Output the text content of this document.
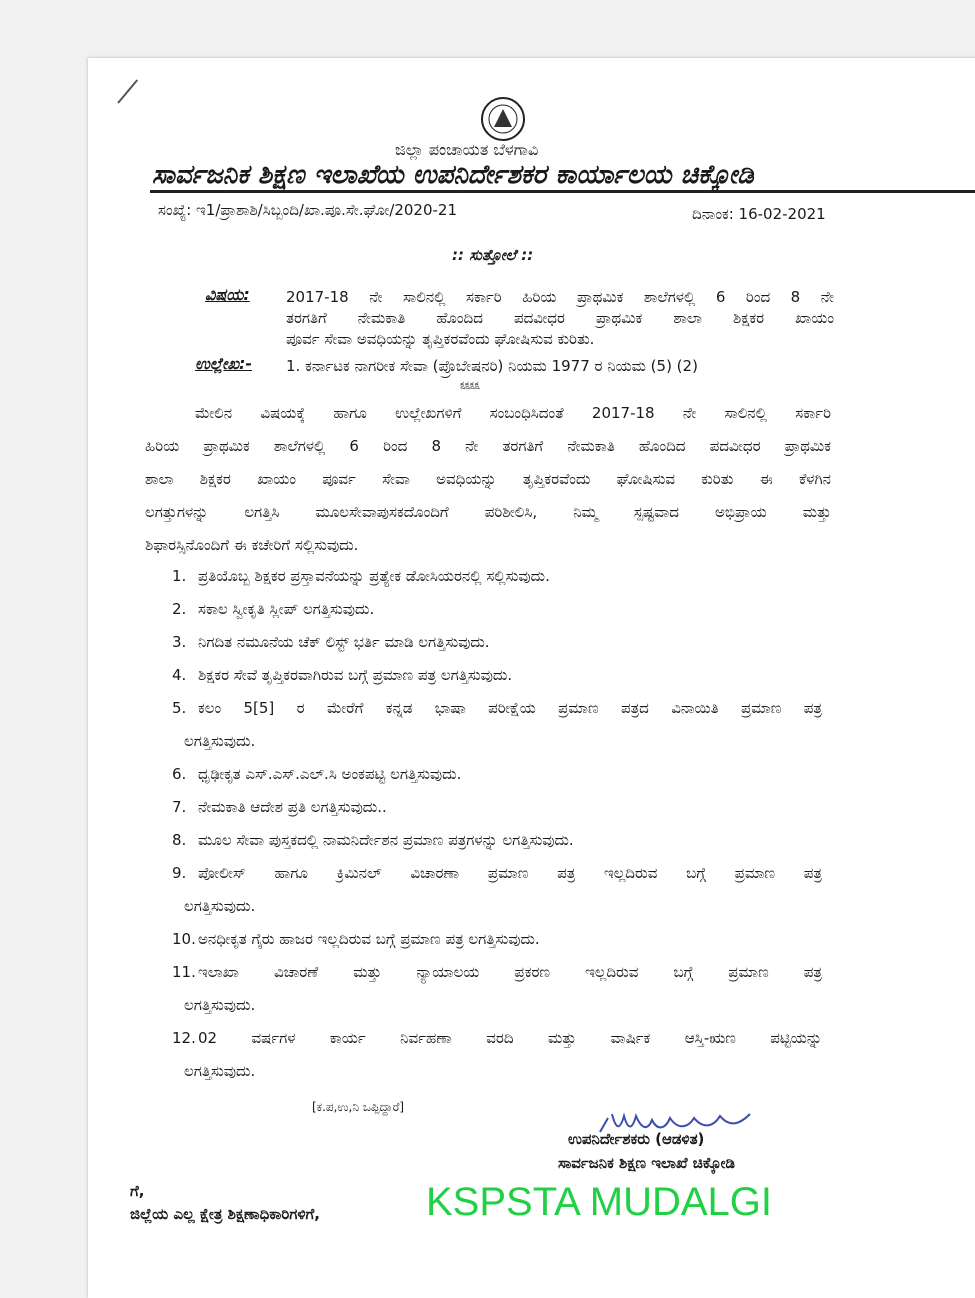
ಜಿಲ್ಲಾ ಪಂಚಾಯತ ಬೆಳಗಾವಿ
ಸಾರ್ವಜನಿಕ ಶಿಕ್ಷಣ ಇಲಾಖೆಯ ಉಪನಿರ್ದೇಶಕರ ಕಾರ್ಯಾಲಯ ಚಿಕ್ಕೋಡಿ
ಸಂಖ್ಯೆ: ಇ1/ಪ್ರಾಶಾಶಿ/ಸಿಬ್ಬಂದಿ/ಖಾ.ಪೂ.ಸೇ.ಘೋ/2020-21	ದಿನಾಂಕ: 16-02-2021
:: ಸುತ್ತೋಲೆ ::
ವಿಷಯ: 2017-18 ನೇ ಸಾಲಿನಲ್ಲಿ ಸರ್ಕಾರಿ ಹಿರಿಯ ಪ್ರಾಥಮಿಕ ಶಾಲೆಗಳಲ್ಲಿ 6 ರಿಂದ 8 ನೇ
ತರಗತಿಗೆ ನೇಮಕಾತಿ ಹೊಂದಿದ ಪದವೀಧರ ಪ್ರಾಥಮಿಕ ಶಾಲಾ ಶಿಕ್ಷಕರ ಖಾಯಂ
ಪೂರ್ವ ಸೇವಾ ಅವಧಿಯನ್ನು ತೃಪ್ತಿಕರವೆಂದು ಘೋಷಿಸುವ ಕುರಿತು.
ಉಲ್ಲೇಖ:- 1. ಕರ್ನಾಟಕ ನಾಗರೀಕ ಸೇವಾ (ಪ್ರೊಬೇಷನರಿ) ನಿಯಮ 1977 ರ ನಿಯಮ (5) (2)
ಕ್ಷಕ್ಷಕ್ಷಕ್ಷ
ಮೇಲಿನ ವಿಷಯಕ್ಕೆ ಹಾಗೂ ಉಲ್ಲೇಖಗಳಿಗೆ ಸಂಬಂಧಿಸಿದಂತೆ 2017-18 ನೇ ಸಾಲಿನಲ್ಲಿ ಸರ್ಕಾರಿ
ಹಿರಿಯ ಪ್ರಾಥಮಿಕ ಶಾಲೆಗಳಲ್ಲಿ 6 ರಿಂದ 8 ನೇ ತರಗತಿಗೆ ನೇಮಕಾತಿ ಹೊಂದಿದ ಪದವೀಧರ ಪ್ರಾಥಮಿಕ
ಶಾಲಾ ಶಿಕ್ಷಕರ ಖಾಯಂ ಪೂರ್ವ ಸೇವಾ ಅವಧಿಯನ್ನು ತೃಪ್ತಿಕರವೆಂದು ಘೋಷಿಸುವ ಕುರಿತು ಈ ಕೆಳಗಿನ
ಲಗತ್ತುಗಳನ್ನು ಲಗತ್ತಿಸಿ ಮೂಲಸೇವಾಪುಸಕದೊಂದಿಗೆ ಪರಿಶೀಲಿಸಿ, ನಿಮ್ಮ ಸ್ಪಷ್ಟವಾದ ಅಭಿಪ್ರಾಯ ಮತ್ತು
ಶಿಫಾರಸ್ಸಿನೊಂದಿಗೆ ಈ ಕಚೇರಿಗೆ ಸಲ್ಲಿಸುವುದು.
1. ಪ್ರತಿಯೊಬ್ಬ ಶಿಕ್ಷಕರ ಪ್ರಸ್ತಾವನೆಯನ್ನು ಪ್ರತ್ಯೇಕ ಡೋಸಿಯರನಲ್ಲಿ ಸಲ್ಲಿಸುವುದು.
2. ಸಕಾಲ ಸ್ವೀಕೃತಿ ಸ್ಲೀಪ್ ಲಗತ್ತಿಸುವುದು.
3. ನಿಗದಿತ ನಮೂನೆಯ ಚೆಕ್ ಲಿಸ್ಟ್ ಭರ್ತಿ ಮಾಡಿ ಲಗತ್ತಿಸುವುದು.
4. ಶಿಕ್ಷಕರ ಸೇವೆ ತೃಪ್ತಿಕರವಾಗಿರುವ ಬಗ್ಗೆ ಪ್ರಮಾಣ ಪತ್ರ ಲಗತ್ತಿಸುವುದು.
5. ಕಲಂ 5[5] ರ ಮೇರೆಗೆ ಕನ್ನಡ ಭಾಷಾ ಪರೀಕ್ಷೆಯ ಪ್ರಮಾಣ ಪತ್ರದ ವಿನಾಯಿತಿ ಪ್ರಮಾಣ ಪತ್ರ
ಲಗತ್ತಿಸುವುದು.
6. ಧೃಢೀಕೃತ ಎಸ್.ಎಸ್.ಎಲ್.ಸಿ ಅಂಕಪಟ್ಟಿ ಲಗತ್ತಿಸುವುದು.
7. ನೇಮಕಾತಿ ಆದೇಶ ಪ್ರತಿ ಲಗತ್ತಿಸುವುದು..
8. ಮೂಲ ಸೇವಾ ಪುಸ್ತಕದಲ್ಲಿ ನಾಮನಿರ್ದೇಶನ ಪ್ರಮಾಣ ಪತ್ರಗಳನ್ನು ಲಗತ್ತಿಸುವುದು.
9. ಪೋಲೀಸ್ ಹಾಗೂ ಕ್ರಿಮಿನಲ್ ವಿಚಾರಣಾ ಪ್ರಮಾಣ ಪತ್ರ ಇಲ್ಲದಿರುವ ಬಗ್ಗೆ ಪ್ರಮಾಣ ಪತ್ರ
ಲಗತ್ತಿಸುವುದು.
10. ಅನಧೀಕೃತ ಗೈರು ಹಾಜರ ಇಲ್ಲದಿರುವ ಬಗ್ಗೆ ಪ್ರಮಾಣ ಪತ್ರ ಲಗತ್ತಿಸುವುದು.
11. ಇಲಾಖಾ ವಿಚಾರಣೆ ಮತ್ತು ನ್ಯಾಯಾಲಯ ಪ್ರಕರಣ ಇಲ್ಲದಿರುವ ಬಗ್ಗೆ ಪ್ರಮಾಣ ಪತ್ರ
ಲಗತ್ತಿಸುವುದು.
12. 02 ವರ್ಷಗಳ ಕಾರ್ಯ ನಿರ್ವಹಣಾ ವರದಿ ಮತ್ತು ವಾರ್ಷಿಕ ಆಸ್ತಿ-ಋಣ ಪಟ್ಟಿಯನ್ನು
ಲಗತ್ತಿಸುವುದು.
[ಕ.ಪ,ಉ,ನಿ ಒಪ್ಪಿದ್ದಾರೆ]
ಉಪನಿರ್ದೇಶಕರು (ಆಡಳಿತ)
ಸಾರ್ವಜನಿಕ ಶಿಕ್ಷಣ ಇಲಾಖೆ ಚಿಕ್ಕೋಡಿ
ಗೆ,
ಜಿಲ್ಲೆಯ ಎಲ್ಲ ಕ್ಷೇತ್ರ ಶಿಕ್ಷಣಾಧಿಕಾರಿಗಳಿಗೆ,	KSPSTA MUDALGI
